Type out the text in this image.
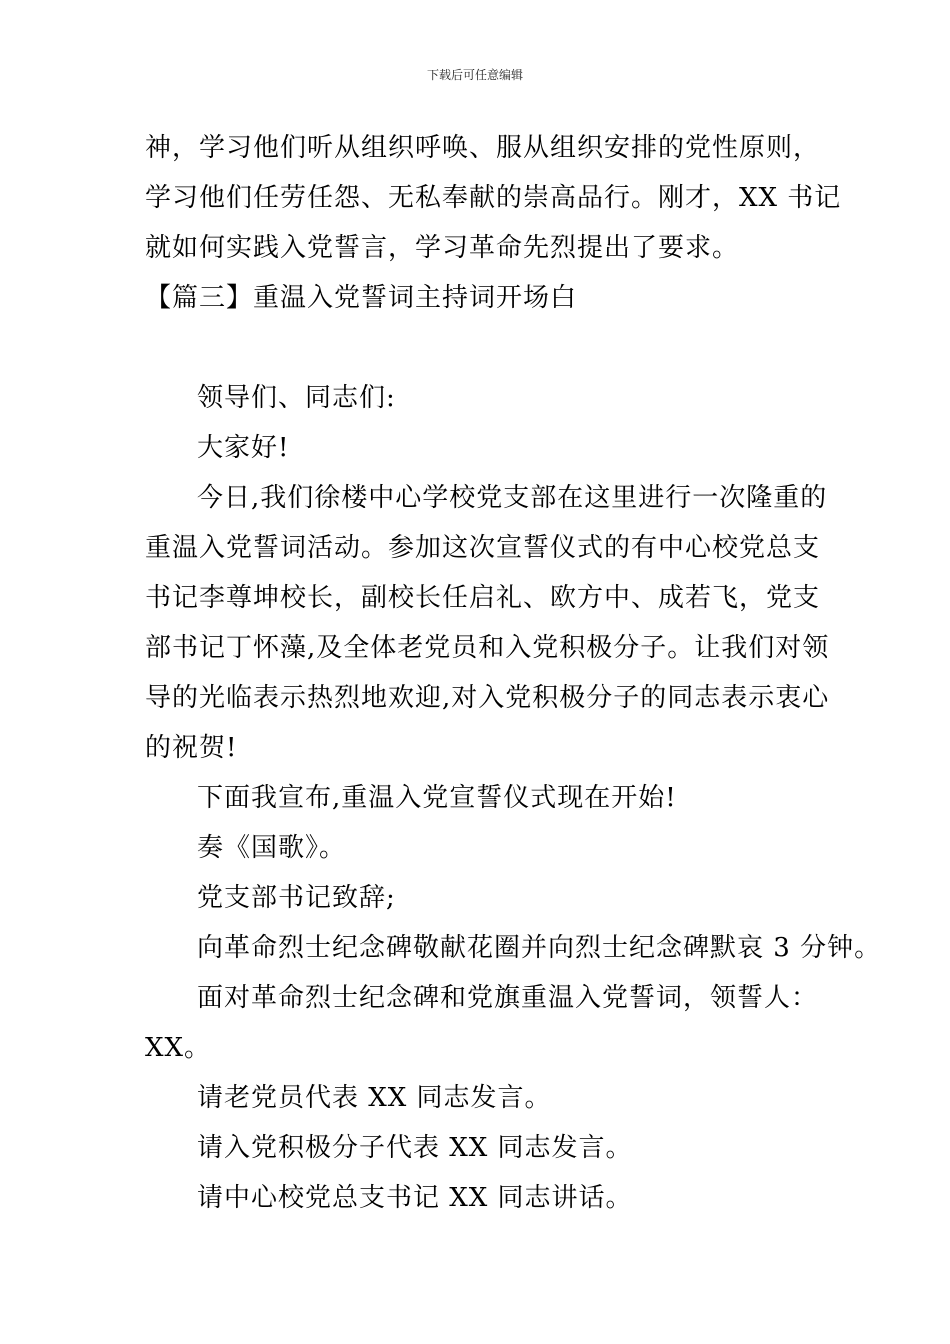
下载后可任意编辑
神，学习他们听从组织呼唤、服从组织安排的党性原则，
学习他们任劳任怨、无私奉献的崇高品行。刚才，XX 书记
就如何实践入党誓言，学习革命先烈提出了要求。
【篇三】重温入党誓词主持词开场白
领导们、同志们:
大家好!
今日,我们徐楼中心学校党支部在这里进行一次隆重的
重温入党誓词活动。参加这次宣誓仪式的有中心校党总支
书记李尊坤校长，副校长任启礼、欧方中、成若飞，党支
部书记丁怀藻,及全体老党员和入党积极分子。让我们对领
导的光临表示热烈地欢迎,对入党积极分子的同志表示衷心
的祝贺!
下面我宣布,重温入党宣誓仪式现在开始!
奏《国歌》。
党支部书记致辞;
向革命烈士纪念碑敬献花圈并向烈士纪念碑默哀 3 分钟。
面对革命烈士纪念碑和党旗重温入党誓词，领誓人：
XX。
请老党员代表 XX 同志发言。
请入党积极分子代表 XX 同志发言。
请中心校党总支书记 XX 同志讲话。
